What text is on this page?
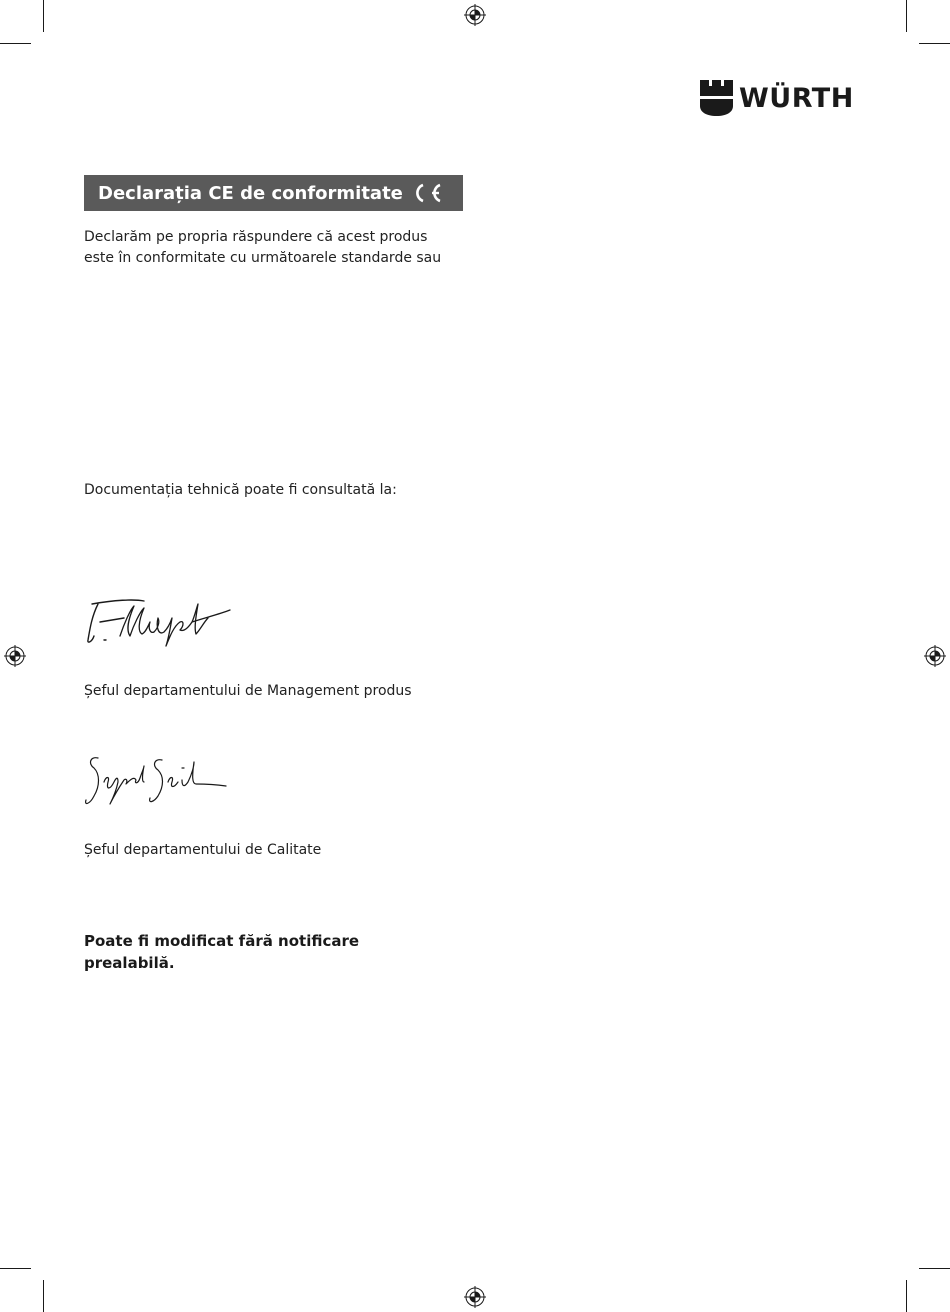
WÜRTH
Declarația CE de conformitate
Declarăm pe propria răspundere că acest produs
este în conformitate cu următoarele standarde sau
Documentația tehnică poate fi consultată la:
Șeful departamentului de Management produs
Șeful departamentului de Calitate
Poate fi modificat fără notificare
prealabilă.
